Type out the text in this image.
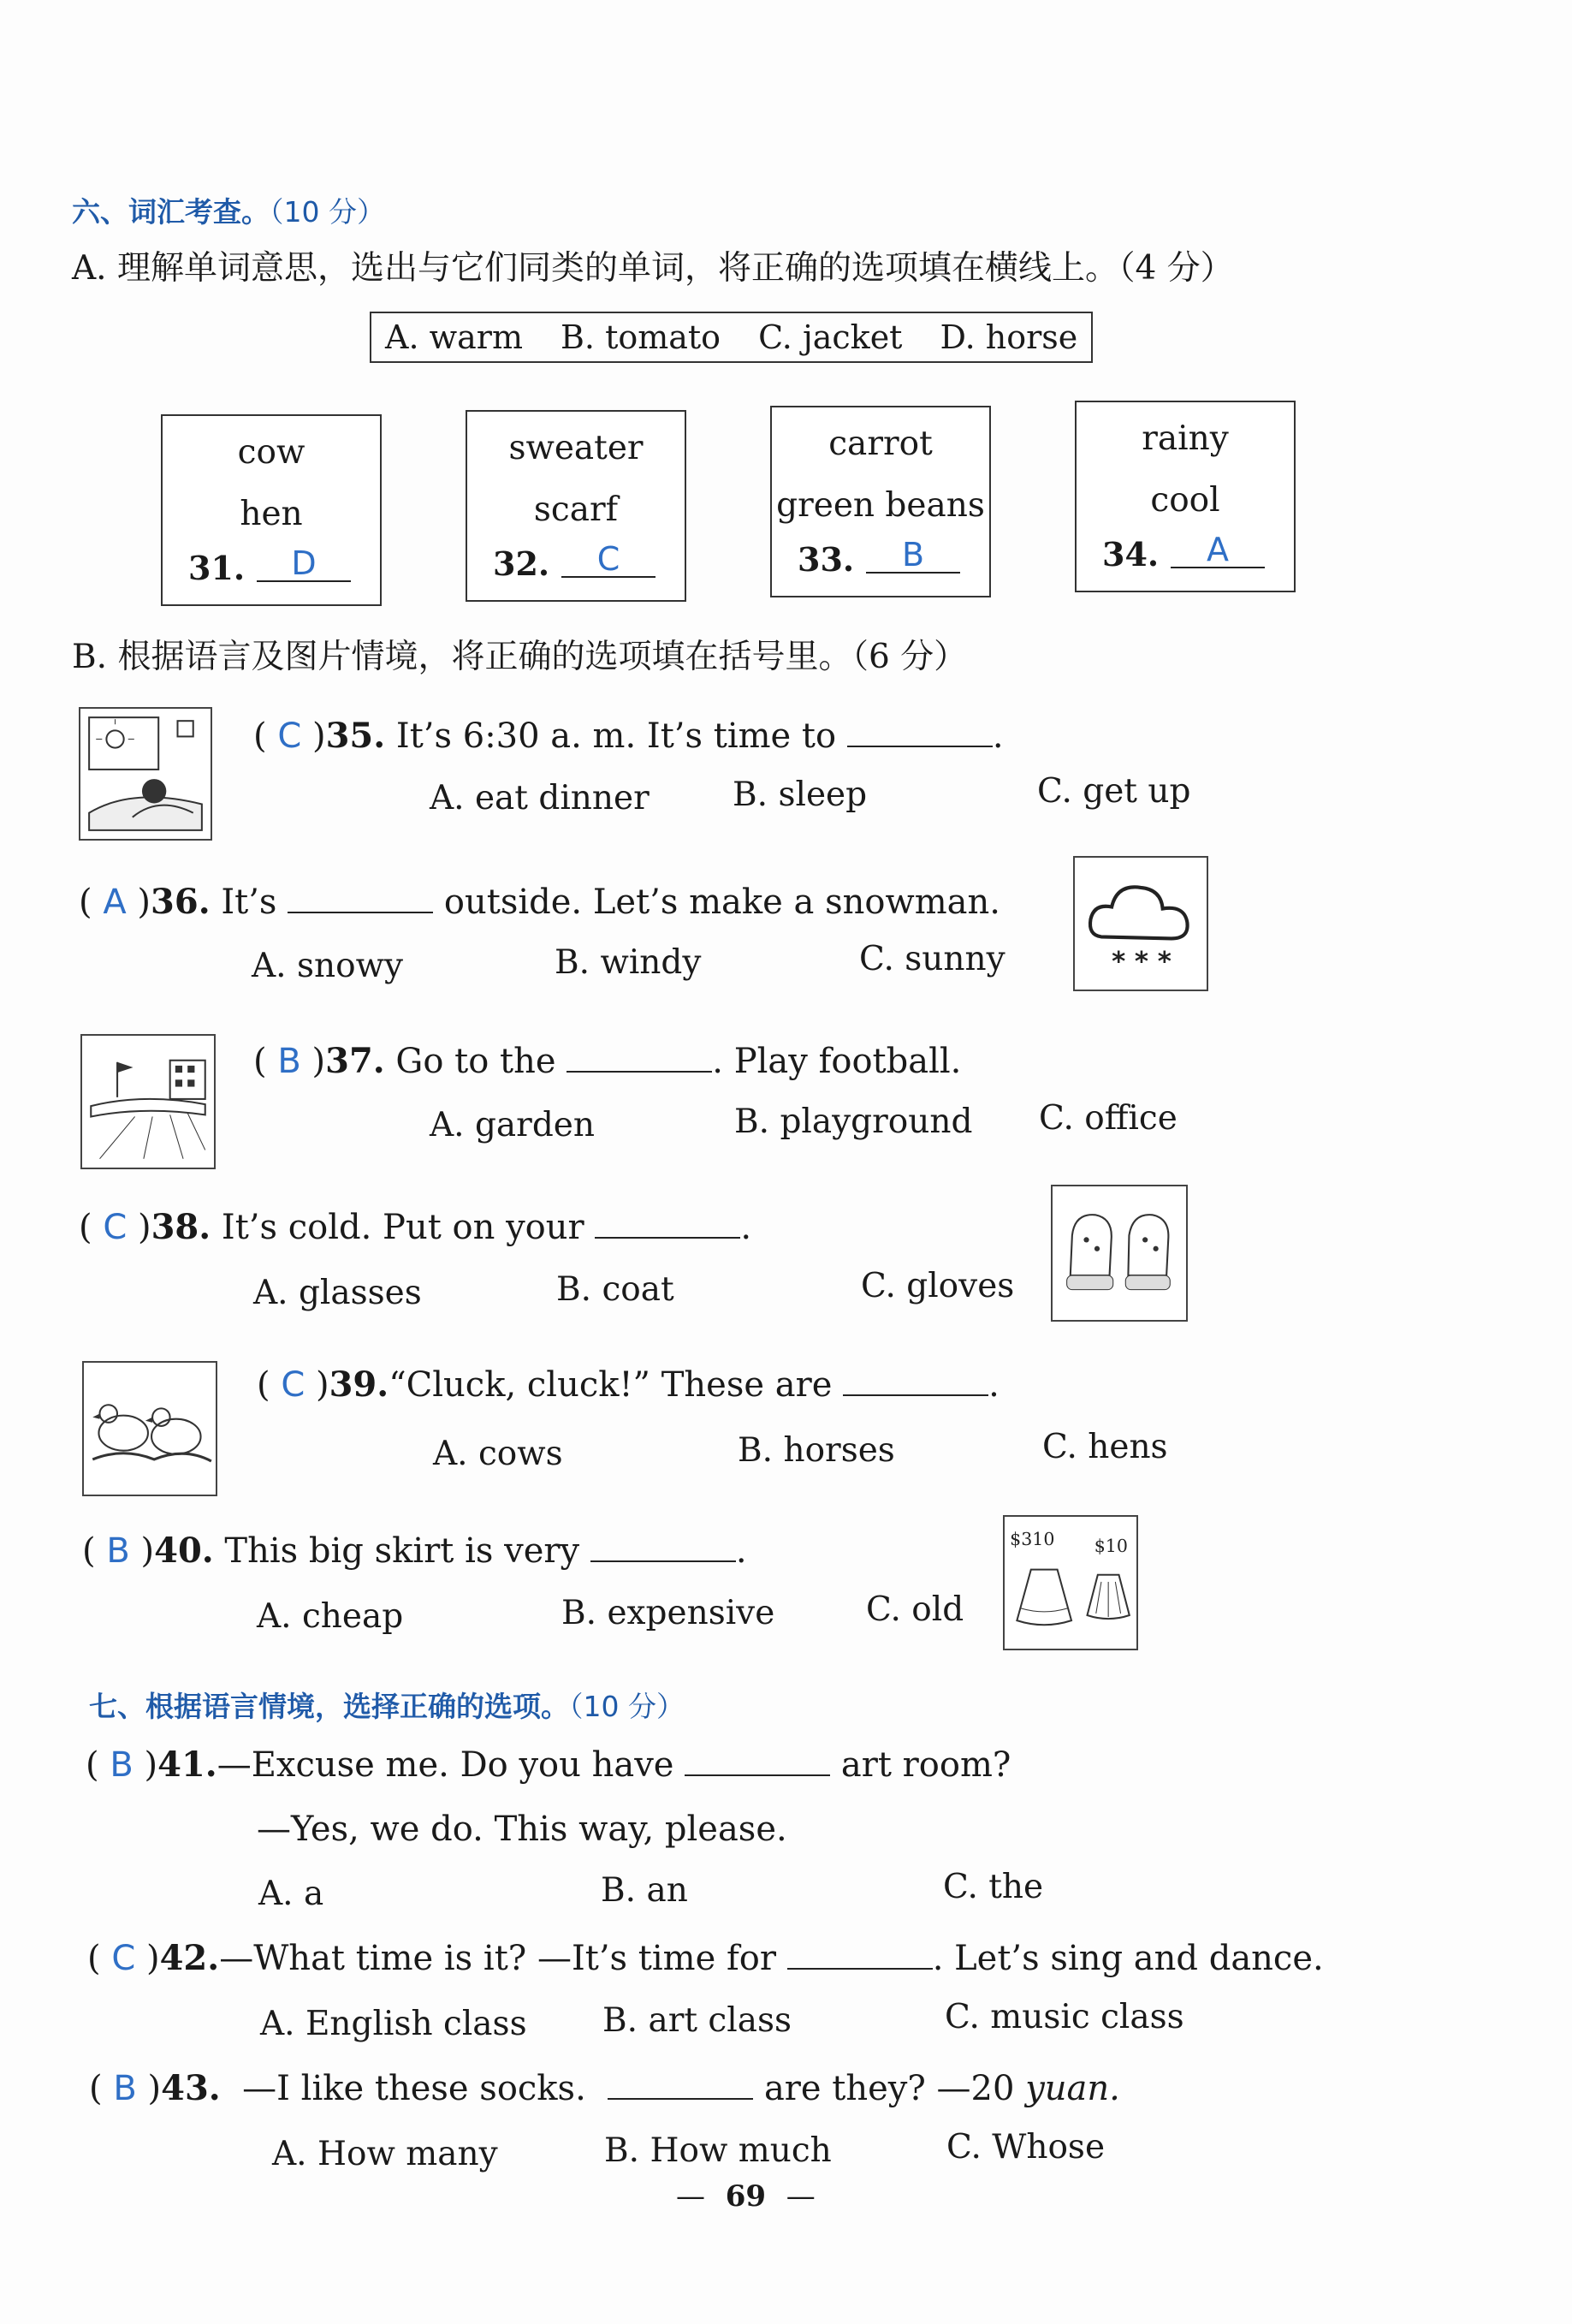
六、词汇考查。（10 分）
A. 理解单词意思，选出与它们同类的单词，将正确的选项填在横线上。（4 分）
A. warm B. tomato C. jacket D. horse
cow
hen
31.	D
sweater
scarf
32.	C
carrot
green beans
33.	B
rainy
cool
34.	A
B. 根据语言及图片情境，将正确的选项填在括号里。（6 分）
( C )35. It’s 6:30 a. m. It’s time to	.
A. eat dinner B. sleep	C. get up
( A )36. It’s	outside. Let’s make a snowman.
A. snowy	B. windy	C. sunny	* * *
( B )37. Go to the	. Play football.
A. garden	B. playground C. office
( C )38. It’s cold. Put on your	.
A. glasses	B. coat	C. gloves
( C )39.“Cluck, cluck!” These are	.
A. cows	B. horses	C. hens
( B )40. This big skirt is very	.
A. cheap	B. expensive	C. old
$310 $10
七、根据语言情境，选择正确的选项。（10 分）
( B )41.—Excuse me. Do you have	art room?
—Yes, we do. This way, please.
A. a	B. an	C. the
( C )42.—What time is it? —It’s time for	. Let’s sing and dance.
A. English class B. art class	C. music class
( B )43. —I like these socks.	are they? —20 yuan.
A. How many	B. How much	C. Whose
— 69 —
